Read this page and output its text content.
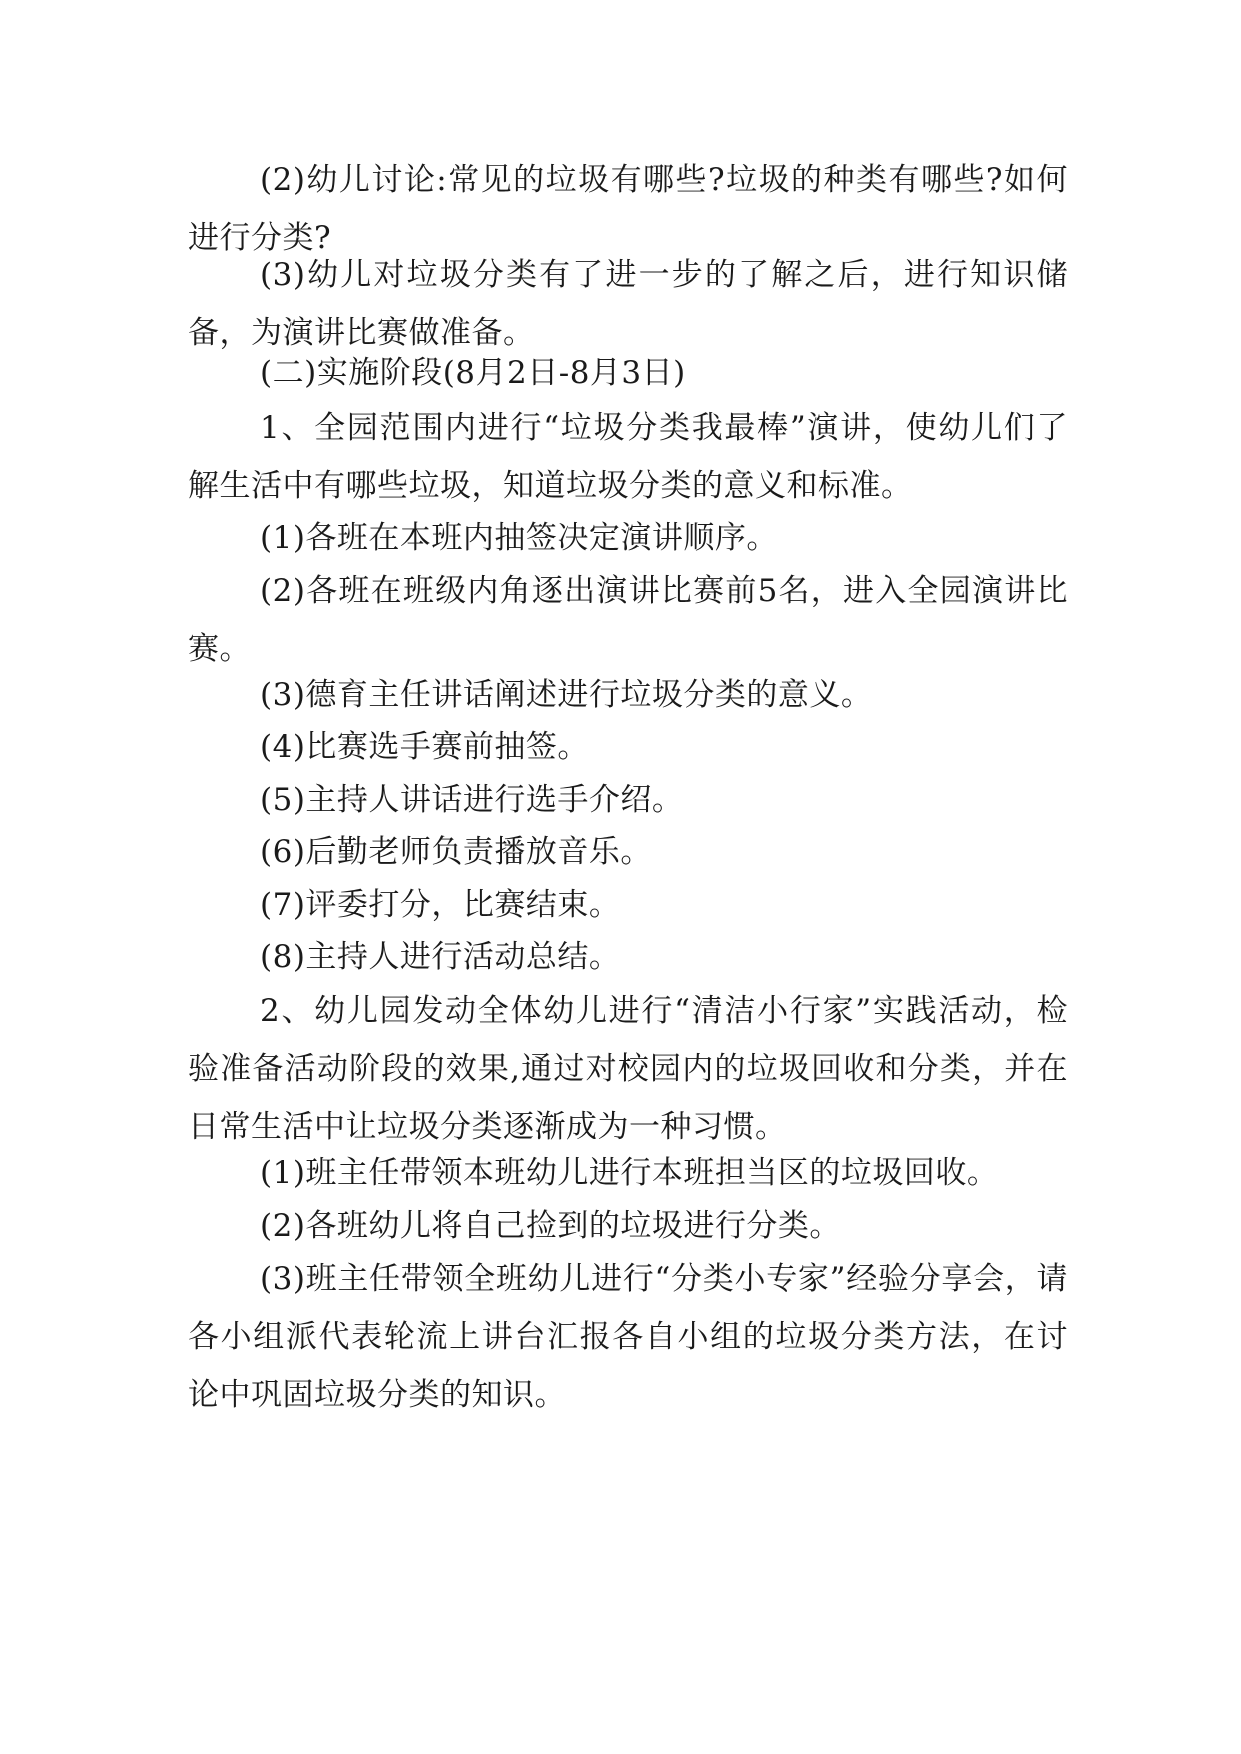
(2)幼儿讨论:常见的垃圾有哪些?垃圾的种类有哪些?如何进行分类?

(3)幼儿对垃圾分类有了进一步的了解之后，进行知识储备，为演讲比赛做准备。

(二)实施阶段(8月2日-8月3日)

1、全园范围内进行“垃圾分类我最棒”演讲，使幼儿们了解生活中有哪些垃圾，知道垃圾分类的意义和标准。

(1)各班在本班内抽签决定演讲顺序。

(2)各班在班级内角逐出演讲比赛前5名，进入全园演讲比赛。

(3)德育主任讲话阐述进行垃圾分类的意义。

(4)比赛选手赛前抽签。

(5)主持人讲话进行选手介绍。

(6)后勤老师负责播放音乐。

(7)评委打分，比赛结束。

(8)主持人进行活动总结。

2、幼儿园发动全体幼儿进行“清洁小行家”实践活动，检验准备活动阶段的效果,通过对校园内的垃圾回收和分类，并在日常生活中让垃圾分类逐渐成为一种习惯。

(1)班主任带领本班幼儿进行本班担当区的垃圾回收。

(2)各班幼儿将自己捡到的垃圾进行分类。

(3)班主任带领全班幼儿进行“分类小专家”经验分享会，请各小组派代表轮流上讲台汇报各自小组的垃圾分类方法，在讨论中巩固垃圾分类的知识。
